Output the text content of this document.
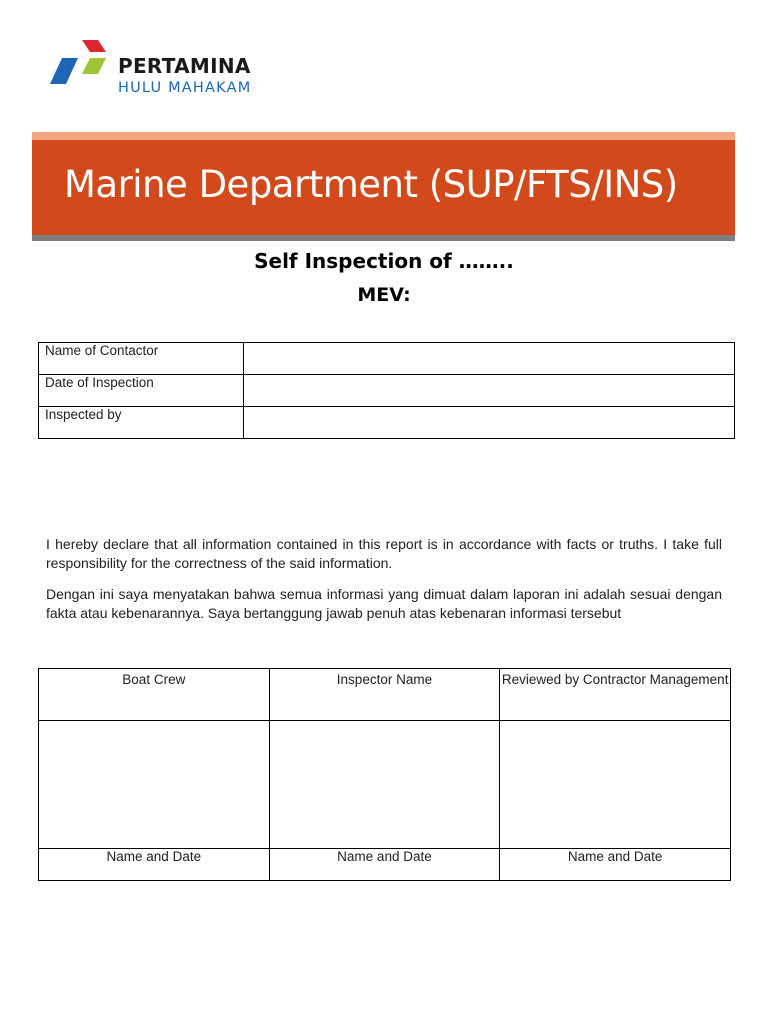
PERTAMINA
HULU MAHAKAM
Marine Department (SUP/FTS/INS)
Self Inspection of ……..
MEV:
Name of Contactor	
Date of Inspection	
Inspected by	
I hereby declare that all information contained in this report is in accordance with facts or truths. I take full responsibility for the correctness of the said information.
Dengan ini saya menyatakan bahwa semua informasi yang dimuat dalam laporan ini adalah sesuai dengan fakta atau kebenarannya. Saya bertanggung jawab penuh atas kebenaran informasi tersebut
Boat Crew	Inspector Name	Reviewed by Contractor Management

Name and Date	Name and Date	Name and Date
